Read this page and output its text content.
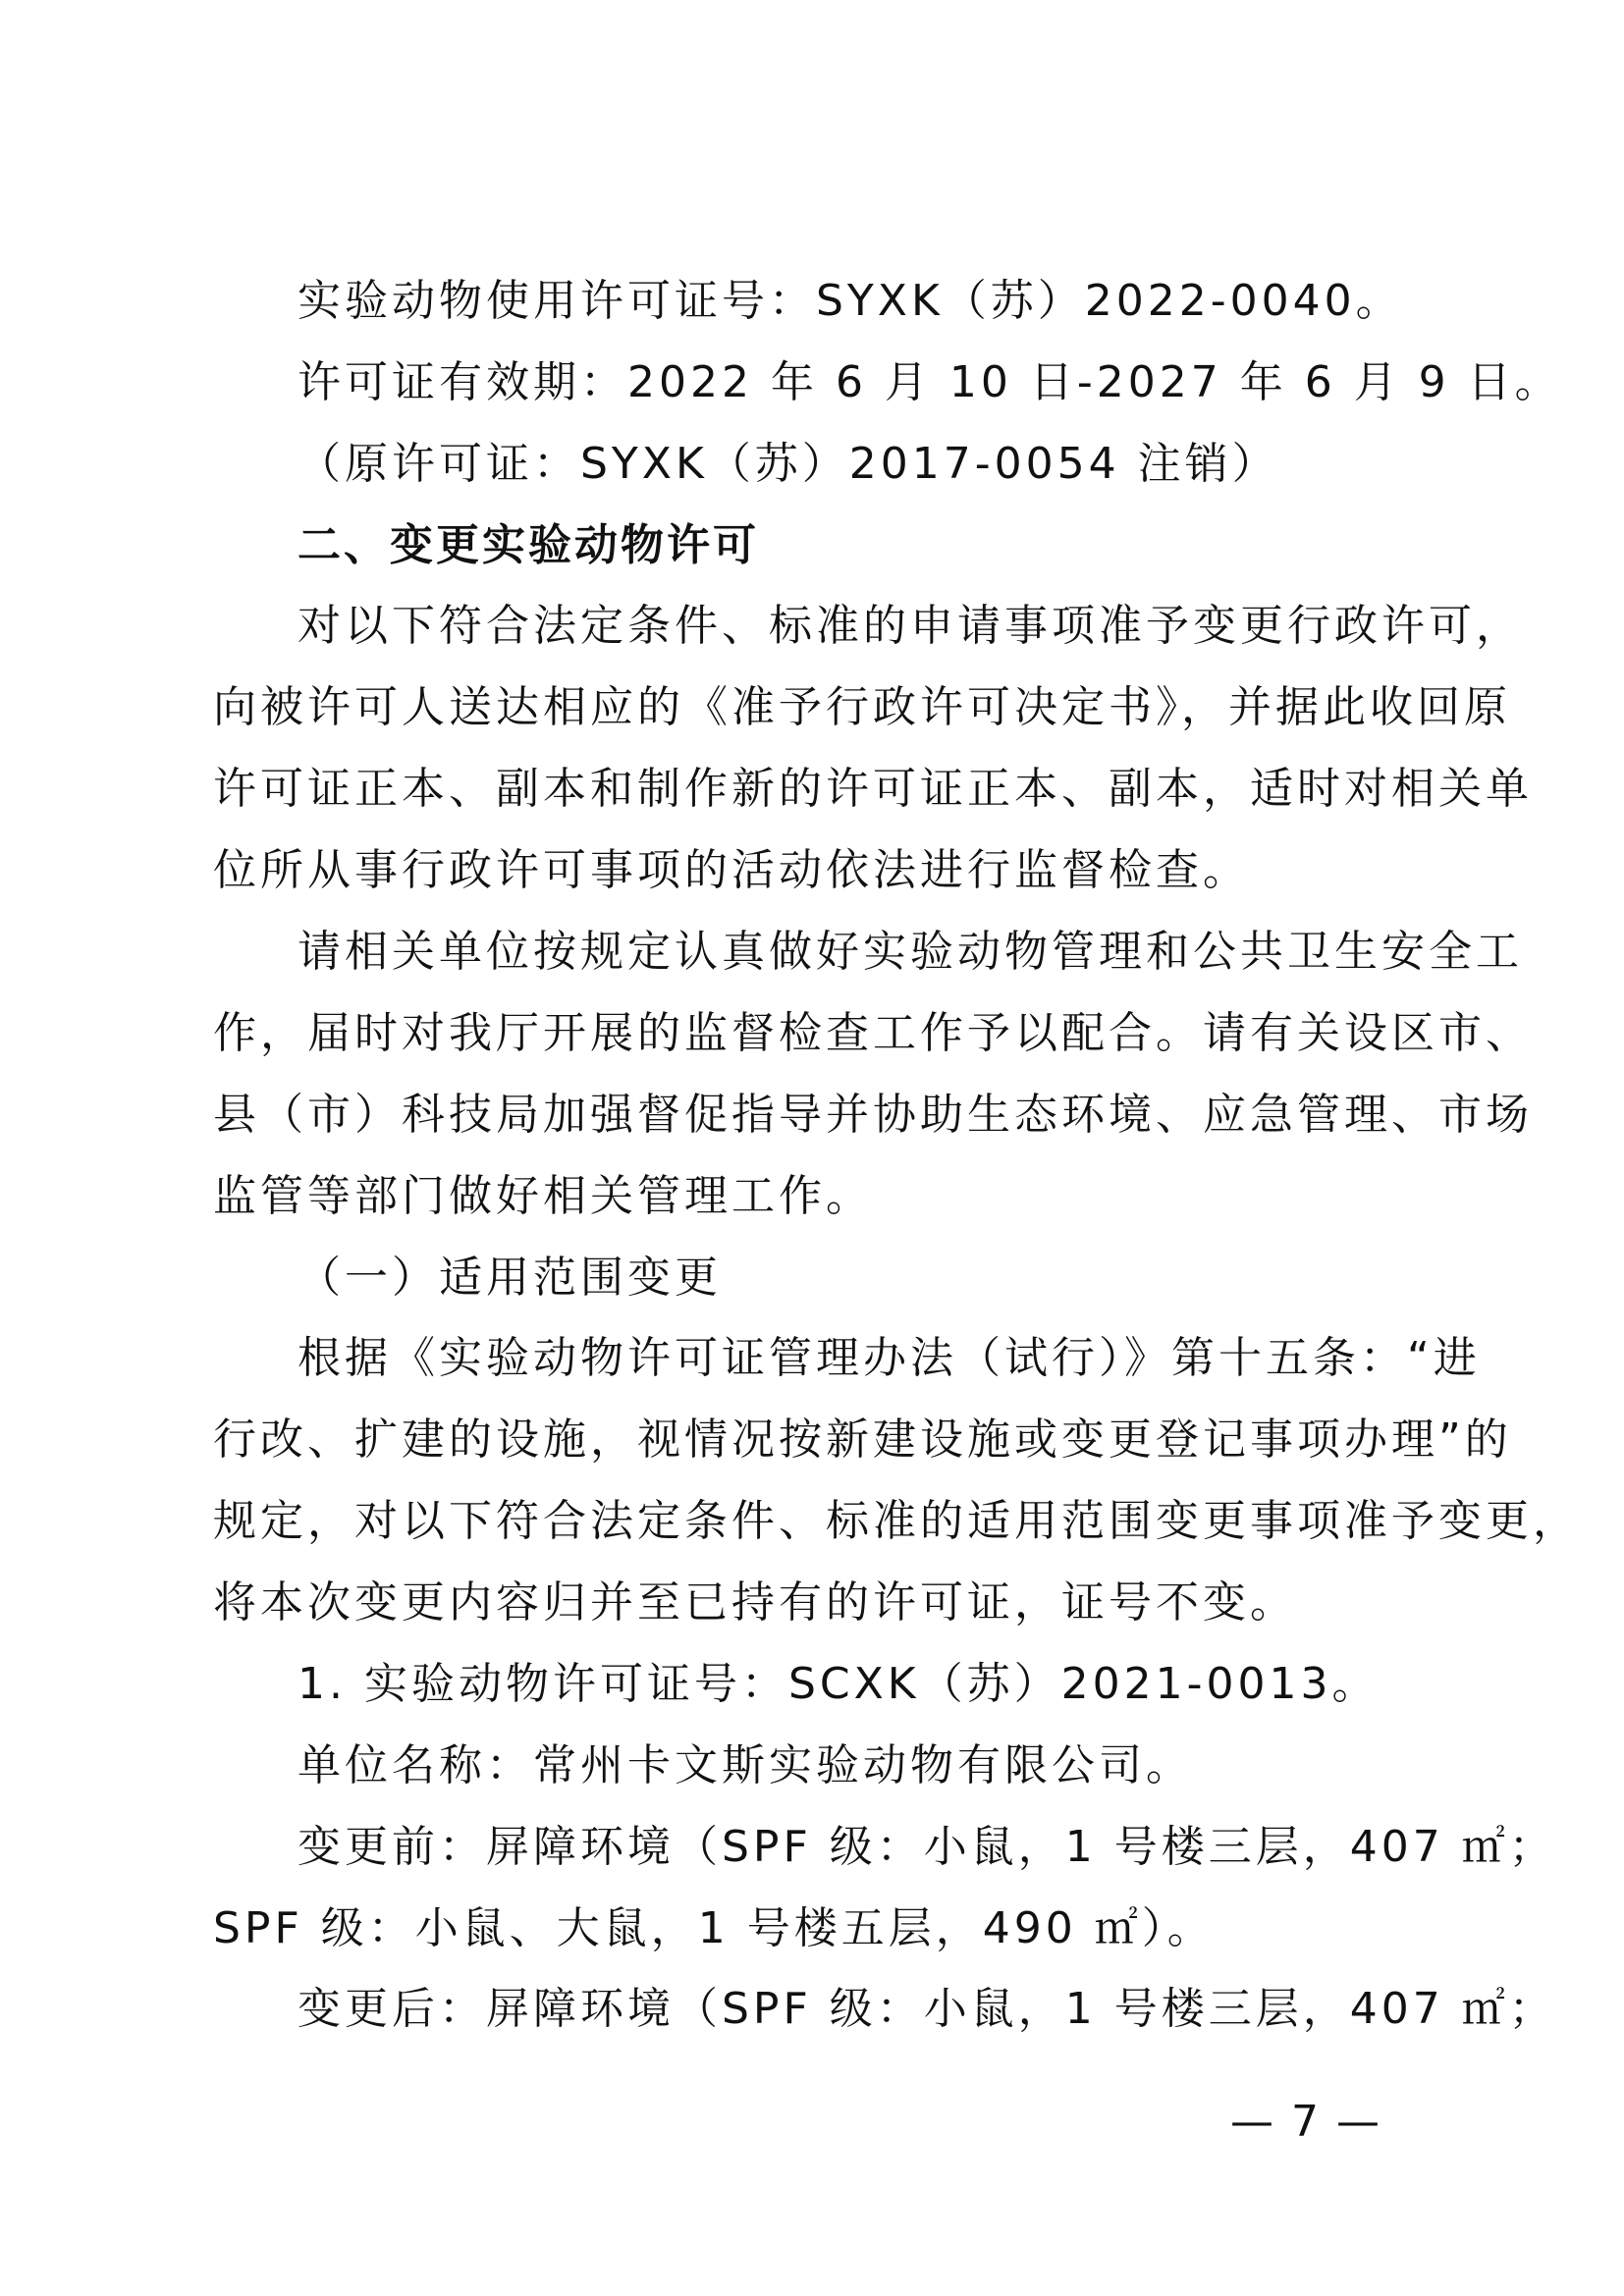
实验动物使用许可证号：SYXK（苏）2022-0040。
许可证有效期：2022 年 6 月 10 日-2027 年 6 月 9 日。
（原许可证：SYXK（苏）2017-0054 注销）
二、变更实验动物许可
对以下符合法定条件、标准的申请事项准予变更行政许可，
向被许可人送达相应的《准予行政许可决定书》，并据此收回原
许可证正本、副本和制作新的许可证正本、副本，适时对相关单
位所从事行政许可事项的活动依法进行监督检查。
请相关单位按规定认真做好实验动物管理和公共卫生安全工
作，届时对我厅开展的监督检查工作予以配合。请有关设区市、
县（市）科技局加强督促指导并协助生态环境、应急管理、市场
监管等部门做好相关管理工作。
（一）适用范围变更
根据《实验动物许可证管理办法（试行）》第十五条：“进
行改、扩建的设施，视情况按新建设施或变更登记事项办理”的
规定，对以下符合法定条件、标准的适用范围变更事项准予变更，
将本次变更内容归并至已持有的许可证，证号不变。
1. 实验动物许可证号：SCXK（苏）2021-0013。
单位名称：常州卡文斯实验动物有限公司。
变更前：屏障环境（SPF 级：小鼠，1 号楼三层，407 ㎡；
SPF 级：小鼠、大鼠，1 号楼五层，490 ㎡）。
变更后：屏障环境（SPF 级：小鼠，1 号楼三层，407 ㎡；
— 7 —
